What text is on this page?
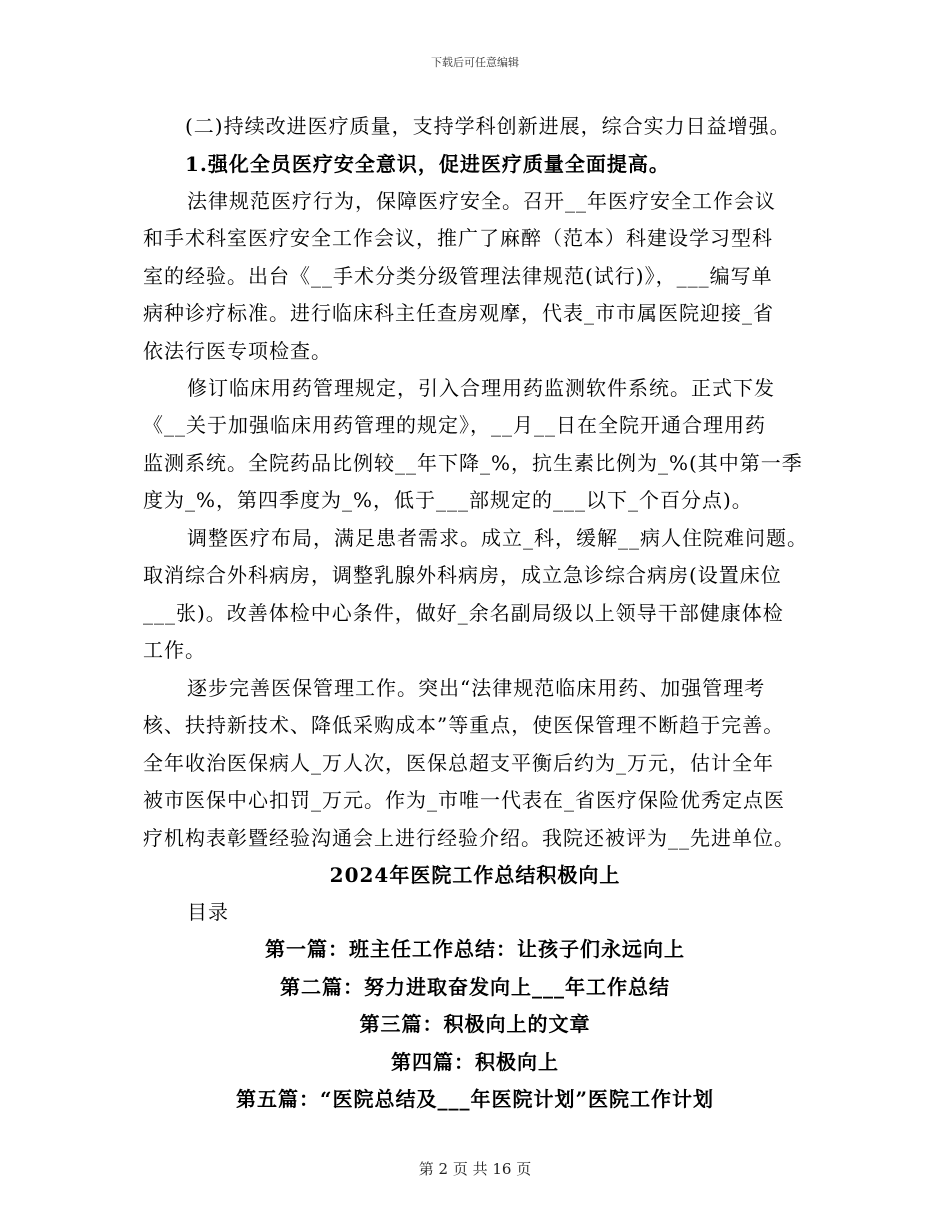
下载后可任意编辑
(二)持续改进医疗质量，支持学科创新进展，综合实力日益增强。
1.强化全员医疗安全意识，促进医疗质量全面提高。
法律规范医疗行为，保障医疗安全。召开__年医疗安全工作会议
和手术科室医疗安全工作会议，推广了麻醉（范本）科建设学习型科
室的经验。出台《__手术分类分级管理法律规范(试行)》，___编写单
病种诊疗标准。进行临床科主任查房观摩，代表_市市属医院迎接_省
依法行医专项检查。
修订临床用药管理规定，引入合理用药监测软件系统。正式下发
《__关于加强临床用药管理的规定》，__月__日在全院开通合理用药
监测系统。全院药品比例较__年下降_%，抗生素比例为_%(其中第一季
度为_%，第四季度为_%，低于___部规定的___以下_个百分点)。
调整医疗布局，满足患者需求。成立_科，缓解__病人住院难问题。
取消综合外科病房，调整乳腺外科病房，成立急诊综合病房(设置床位
___张)。改善体检中心条件，做好_余名副局级以上领导干部健康体检
工作。
逐步完善医保管理工作。突出“法律规范临床用药、加强管理考
核、扶持新技术、降低采购成本”等重点，使医保管理不断趋于完善。
全年收治医保病人_万人次，医保总超支平衡后约为_万元，估计全年
被市医保中心扣罚_万元。作为_市唯一代表在_省医疗保险优秀定点医
疗机构表彰暨经验沟通会上进行经验介绍。我院还被评为__先进单位。
2024年医院工作总结积极向上
目录
第一篇：班主任工作总结：让孩子们永远向上
第二篇：努力进取奋发向上___年工作总结
第三篇：积极向上的文章
第四篇：积极向上
第五篇：“医院总结及___年医院计划”医院工作计划
第 2 页 共 16 页
